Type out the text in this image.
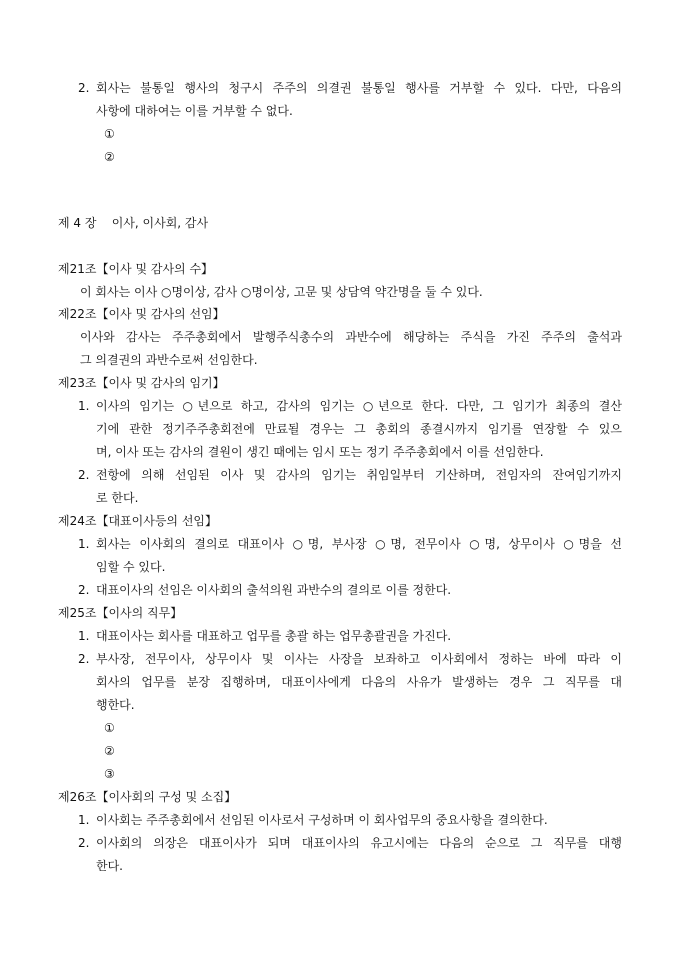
2. 회사는 불통일 행사의 청구시 주주의 의결권 불통일 행사를 거부할 수 있다. 다만, 다음의
사항에 대하여는 이를 거부할 수 없다.
①
②
제 4 장    이사, 이사회, 감사
제21조【이사 및 감사의 수】
이 회사는 이사 ○명이상, 감사 ○명이상, 고문 및 상담역 약간명을 둘 수 있다.
제22조【이사 및 감사의 선임】
이사와 감사는 주주총회에서 발행주식총수의 과반수에 해당하는 주식을 가진 주주의 출석과
그 의결권의 과반수로써 선임한다.
제23조【이사 및 감사의 임기】
1. 이사의 임기는 ○년으로 하고, 감사의 임기는 ○년으로 한다. 다만, 그 임기가 최종의 결산
기에 관한 정기주주총회전에 만료될 경우는 그 총회의 종결시까지 임기를 연장할 수 있으
며, 이사 또는 감사의 결원이 생긴 때에는 임시 또는 정기 주주총회에서 이를 선임한다.
2. 전항에 의해 선임된 이사 및 감사의 임기는 취임일부터 기산하며, 전임자의 잔여임기까지
로 한다.
제24조【대표이사등의 선임】
1. 회사는 이사회의 결의로 대표이사 ○명, 부사장 ○명, 전무이사 ○명, 상무이사 ○명을 선
임할 수 있다.
2. 대표이사의 선임은 이사회의 출석의원 과반수의 결의로 이를 정한다.
제25조【이사의 직무】
1. 대표이사는 회사를 대표하고 업무를 총괄 하는 업무총괄권을 가진다.
2. 부사장, 전무이사, 상무이사 및 이사는 사장을 보좌하고 이사회에서 정하는 바에 따라 이
회사의 업무를 분장 집행하며, 대표이사에게 다음의 사유가 발생하는 경우 그 직무를 대
행한다.
①
②
③
제26조【이사회의 구성 및 소집】
1. 이사회는 주주총회에서 선임된 이사로서 구성하며 이 회사업무의 중요사항을 결의한다.
2. 이사회의 의장은 대표이사가 되며 대표이사의 유고시에는 다음의 순으로 그 직무를 대행
한다.
